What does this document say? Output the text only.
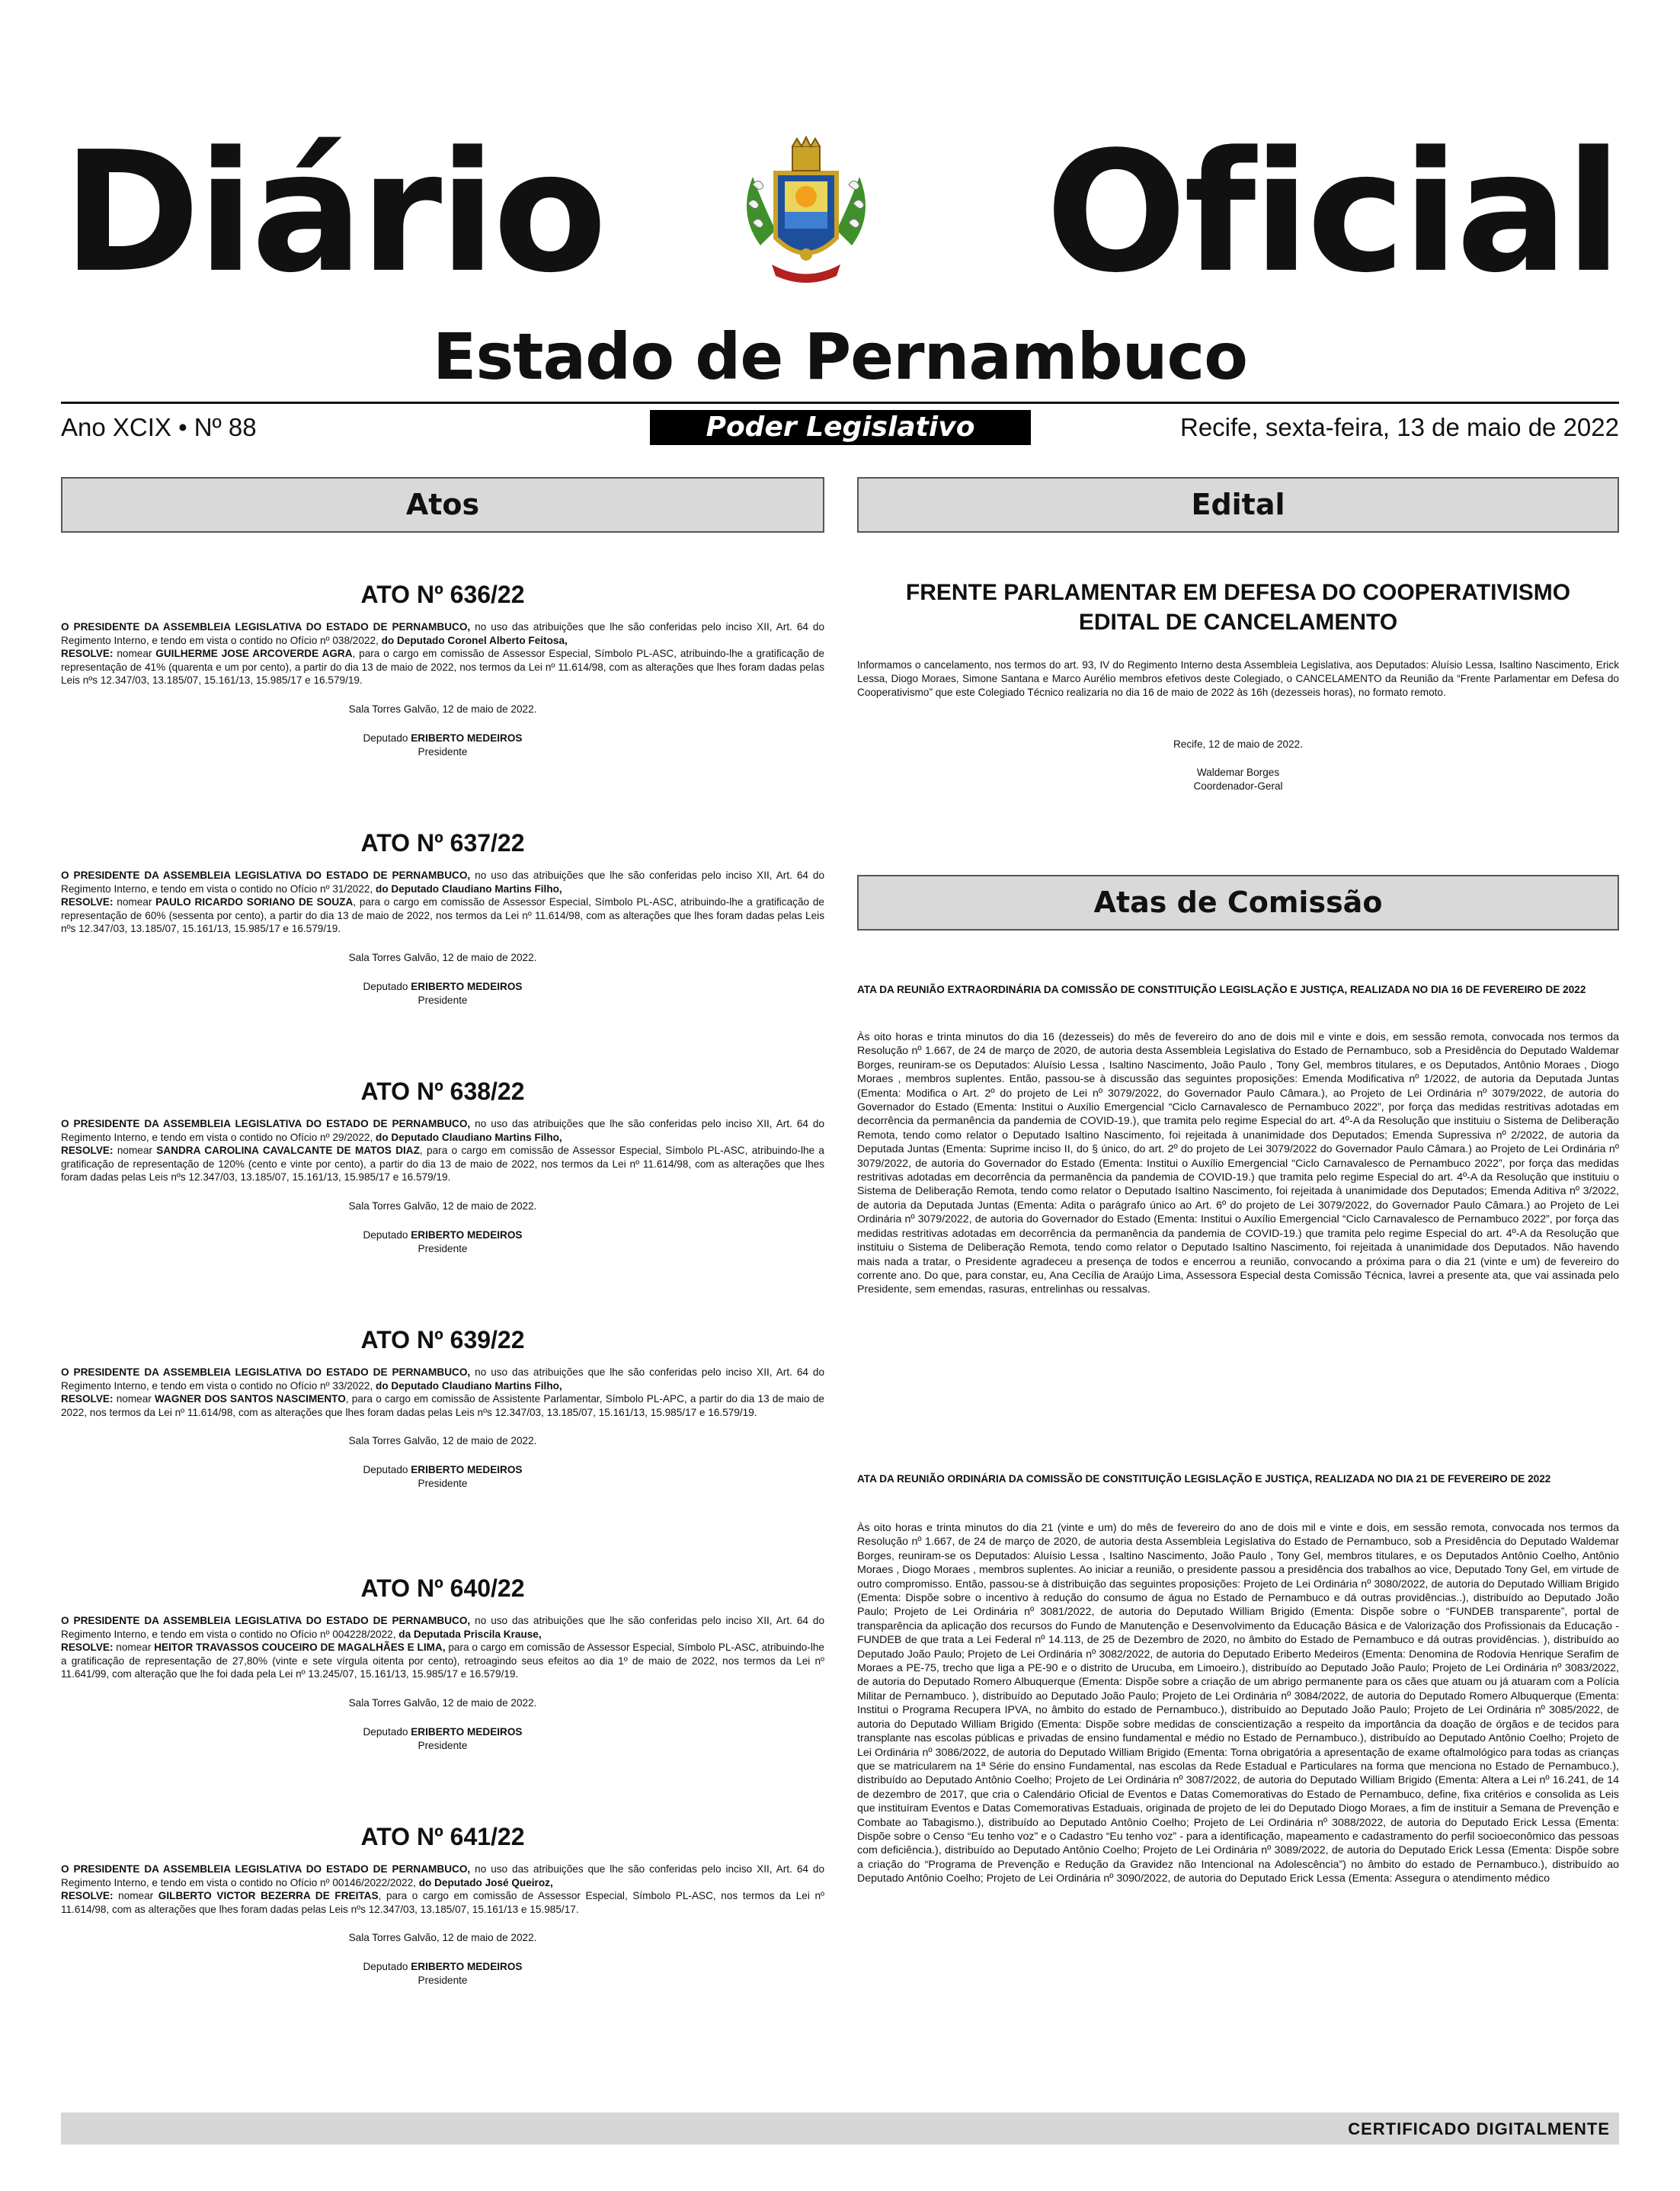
Diário	Oficial
Estado de Pernambuco
Ano XCIX • Nº 88	Poder Legislativo	Recife, sexta-feira, 13 de maio de 2022
Atos	Edital
Atas de Comissão
ATO Nº 636/22

O PRESIDENTE DA ASSEMBLEIA LEGISLATIVA DO ESTADO DE PERNAMBUCO, no uso das atribuições que lhe são conferidas pelo inciso XII, Art. 64 do Regimento Interno, e tendo em vista o contido no Ofício nº 038/2022, do Deputado Coronel Alberto Feitosa,
RESOLVE: nomear GUILHERME JOSE ARCOVERDE AGRA, para o cargo em comissão de Assessor Especial, Símbolo PL-ASC, atribuindo-lhe a gratificação de representação de 41% (quarenta e um por cento), a partir do dia 13 de maio de 2022, nos termos da Lei nº 11.614/98, com as alterações que lhes foram dadas pelas Leis nºs 12.347/03, 13.185/07, 15.161/13, 15.985/17 e 16.579/19.

Sala Torres Galvão, 12 de maio de 2022.

Deputado ERIBERTO MEDEIROS
Presidente

ATO Nº 637/22

O PRESIDENTE DA ASSEMBLEIA LEGISLATIVA DO ESTADO DE PERNAMBUCO, no uso das atribuições que lhe são conferidas pelo inciso XII, Art. 64 do Regimento Interno, e tendo em vista o contido no Ofício nº 31/2022, do Deputado Claudiano Martins Filho,
RESOLVE: nomear PAULO RICARDO SORIANO DE SOUZA, para o cargo em comissão de Assessor Especial, Símbolo PL-ASC, atribuindo-lhe a gratificação de representação de 60% (sessenta por cento), a partir do dia 13 de maio de 2022, nos termos da Lei nº 11.614/98, com as alterações que lhes foram dadas pelas Leis nºs 12.347/03, 13.185/07, 15.161/13, 15.985/17 e 16.579/19.

Sala Torres Galvão, 12 de maio de 2022.

Deputado ERIBERTO MEDEIROS
Presidente

ATO Nº 638/22

O PRESIDENTE DA ASSEMBLEIA LEGISLATIVA DO ESTADO DE PERNAMBUCO, no uso das atribuições que lhe são conferidas pelo inciso XII, Art. 64 do Regimento Interno, e tendo em vista o contido no Ofício nº 29/2022, do Deputado Claudiano Martins Filho,
RESOLVE: nomear SANDRA CAROLINA CAVALCANTE DE MATOS DIAZ, para o cargo em comissão de Assessor Especial, Símbolo PL-ASC, atribuindo-lhe a gratificação de representação de 120% (cento e vinte por cento), a partir do dia 13 de maio de 2022, nos termos da Lei nº 11.614/98, com as alterações que lhes foram dadas pelas Leis nºs 12.347/03, 13.185/07, 15.161/13, 15.985/17 e 16.579/19.

Sala Torres Galvão, 12 de maio de 2022.

Deputado ERIBERTO MEDEIROS
Presidente

ATO Nº 639/22

O PRESIDENTE DA ASSEMBLEIA LEGISLATIVA DO ESTADO DE PERNAMBUCO, no uso das atribuições que lhe são conferidas pelo inciso XII, Art. 64 do Regimento Interno, e tendo em vista o contido no Ofício nº 33/2022, do Deputado Claudiano Martins Filho,
RESOLVE: nomear WAGNER DOS SANTOS NASCIMENTO, para o cargo em comissão de Assistente Parlamentar, Símbolo PL-APC, a partir do dia 13 de maio de 2022, nos termos da Lei nº 11.614/98, com as alterações que lhes foram dadas pelas Leis nºs 12.347/03, 13.185/07, 15.161/13, 15.985/17 e 16.579/19.

Sala Torres Galvão, 12 de maio de 2022.

Deputado ERIBERTO MEDEIROS
Presidente

ATO Nº 640/22

O PRESIDENTE DA ASSEMBLEIA LEGISLATIVA DO ESTADO DE PERNAMBUCO, no uso das atribuições que lhe são conferidas pelo inciso XII, Art. 64 do Regimento Interno, e tendo em vista o contido no Ofício nº 004228/2022, da Deputada Priscila Krause,
RESOLVE: nomear HEITOR TRAVASSOS COUCEIRO DE MAGALHÃES E LIMA, para o cargo em comissão de Assessor Especial, Símbolo PL-ASC, atribuindo-lhe a gratificação de representação de 27,80% (vinte e sete vírgula oitenta por cento), retroagindo seus efeitos ao dia 1º de maio de 2022, nos termos da Lei nº 11.641/99, com alteração que lhe foi dada pela Lei nº 13.245/07, 15.161/13, 15.985/17 e 16.579/19.

Sala Torres Galvão, 12 de maio de 2022.

Deputado ERIBERTO MEDEIROS
Presidente

ATO Nº 641/22

O PRESIDENTE DA ASSEMBLEIA LEGISLATIVA DO ESTADO DE PERNAMBUCO, no uso das atribuições que lhe são conferidas pelo inciso XII, Art. 64 do Regimento Interno, e tendo em vista o contido no Ofício nº 00146/2022/2022, do Deputado José Queiroz,
RESOLVE: nomear GILBERTO VICTOR BEZERRA DE FREITAS, para o cargo em comissão de Assessor Especial, Símbolo PL-ASC, nos termos da Lei nº 11.614/98, com as alterações que lhes foram dadas pelas Leis nºs 12.347/03, 13.185/07, 15.161/13 e 15.985/17.

Sala Torres Galvão, 12 de maio de 2022.

Deputado ERIBERTO MEDEIROS
Presidente

FRENTE PARLAMENTAR EM DEFESA DO COOPERATIVISMO
EDITAL DE CANCELAMENTO

Informamos o cancelamento, nos termos do art. 93, IV do Regimento Interno desta Assembleia Legislativa, aos Deputados: Aluísio Lessa, Isaltino Nascimento, Erick Lessa, Diogo Moraes, Simone Santana e Marco Aurélio membros efetivos deste Colegiado, o CANCELAMENTO da Reunião da “Frente Parlamentar em Defesa do Cooperativismo” que este Colegiado Técnico realizaria no dia 16 de maio de 2022 às 16h (dezesseis horas), no formato remoto.

Recife, 12 de maio de 2022.
Waldemar Borges
Coordenador-Geral

ATA DA REUNIÃO EXTRAORDINÁRIA DA COMISSÃO DE CONSTITUIÇÃO LEGISLAÇÃO E JUSTIÇA, REALIZADA NO DIA 16 DE FEVEREIRO DE 2022

Às oito horas e trinta minutos do dia 16 (dezesseis) do mês de fevereiro do ano de dois mil e vinte e dois, em sessão remota, convocada nos termos da Resolução nº 1.667, de 24 de março de 2020, de autoria desta Assembleia Legislativa do Estado de Pernambuco, sob a Presidência do Deputado Waldemar Borges, reuniram-se os Deputados: Aluísio Lessa , Isaltino Nascimento, João Paulo , Tony Gel, membros titulares, e os Deputados, Antônio Moraes , Diogo Moraes , membros suplentes. Então, passou-se à discussão das seguintes proposições: Emenda Modificativa nº 1/2022, de autoria da Deputada Juntas (Ementa: Modifica o Art. 2º do projeto de Lei nº 3079/2022, do Governador Paulo Câmara.), ao Projeto de Lei Ordinária nº 3079/2022, de autoria do Governador do Estado (Ementa: Institui o Auxílio Emergencial “Ciclo Carnavalesco de Pernambuco 2022”, por força das medidas restritivas adotadas em decorrência da permanência da pandemia de COVID-19.), que tramita pelo regime Especial do art. 4º-A da Resolução que instituiu o Sistema de Deliberação Remota, tendo como relator o Deputado Isaltino Nascimento, foi rejeitada à unanimidade dos Deputados; Emenda Supressiva nº 2/2022, de autoria da Deputada Juntas (Ementa: Suprime inciso II, do § único, do art. 2º do projeto de Lei 3079/2022 do Governador Paulo Câmara.) ao Projeto de Lei Ordinária nº 3079/2022, de autoria do Governador do Estado (Ementa: Institui o Auxílio Emergencial “Ciclo Carnavalesco de Pernambuco 2022”, por força das medidas restritivas adotadas em decorrência da permanência da pandemia de COVID-19.) que tramita pelo regime Especial do art. 4º-A da Resolução que instituiu o Sistema de Deliberação Remota, tendo como relator o Deputado Isaltino Nascimento, foi rejeitada à unanimidade dos Deputados; Emenda Aditiva nº 3/2022, de autoria da Deputada Juntas (Ementa: Adita o parágrafo único ao Art. 6º do projeto de Lei 3079/2022, do Governador Paulo Câmara.) ao Projeto de Lei Ordinária nº 3079/2022, de autoria do Governador do Estado (Ementa: Institui o Auxílio Emergencial “Ciclo Carnavalesco de Pernambuco 2022”, por força das medidas restritivas adotadas em decorrência da permanência da pandemia de COVID-19.) que tramita pelo regime Especial do art. 4º-A da Resolução que instituiu o Sistema de Deliberação Remota, tendo como relator o Deputado Isaltino Nascimento, foi rejeitada à unanimidade dos Deputados. Não havendo mais nada a tratar, o Presidente agradeceu a presença de todos e encerrou a reunião, convocando a próxima para o dia 21 (vinte e um) de fevereiro do corrente ano. Do que, para constar, eu, Ana Cecília de Araújo Lima, Assessora Especial desta Comissão Técnica, lavrei a presente ata, que vai assinada pelo Presidente, sem emendas, rasuras, entrelinhas ou ressalvas.

ATA DA REUNIÃO ORDINÁRIA DA COMISSÃO DE CONSTITUIÇÃO LEGISLAÇÃO E JUSTIÇA, REALIZADA NO DIA 21 DE FEVEREIRO DE 2022

Às oito horas e trinta minutos do dia 21 (vinte e um) do mês de fevereiro do ano de dois mil e vinte e dois, em sessão remota, convocada nos termos da Resolução nº 1.667, de 24 de março de 2020, de autoria desta Assembleia Legislativa do Estado de Pernambuco, sob a Presidência do Deputado Waldemar Borges, reuniram-se os Deputados: Aluísio Lessa , Isaltino Nascimento, João Paulo , Tony Gel, membros titulares, e os Deputados Antônio Coelho, Antônio Moraes , Diogo Moraes , membros suplentes. Ao iniciar a reunião, o presidente passou a presidência dos trabalhos ao vice, Deputado Tony Gel, em virtude de outro compromisso. Então, passou-se à distribuição das seguintes proposições: Projeto de Lei Ordinária nº 3080/2022, de autoria do Deputado William Brigido (Ementa: Dispõe sobre o incentivo à redução do consumo de água no Estado de Pernambuco e dá outras providências..), distribuído ao Deputado João Paulo; Projeto de Lei Ordinária nº 3081/2022, de autoria do Deputado William Brigido (Ementa: Dispõe sobre o “FUNDEB transparente”, portal de transparência da aplicação dos recursos do Fundo de Manutenção e Desenvolvimento da Educação Básica e de Valorização dos Profissionais da Educação - FUNDEB de que trata a Lei Federal nº 14.113, de 25 de Dezembro de 2020, no âmbito do Estado de Pernambuco e dá outras providências. ), distribuído ao Deputado João Paulo; Projeto de Lei Ordinária nº 3082/2022, de autoria do Deputado Eriberto Medeiros (Ementa: Denomina de Rodovia Henrique Serafim de Moraes a PE-75, trecho que liga a PE-90 e o distrito de Urucuba, em Limoeiro.), distribuído ao Deputado João Paulo; Projeto de Lei Ordinária nº 3083/2022, de autoria do Deputado Romero Albuquerque (Ementa: Dispõe sobre a criação de um abrigo permanente para os cães que atuam ou já atuaram com a Polícia Militar de Pernambuco. ), distribuído ao Deputado João Paulo; Projeto de Lei Ordinária nº 3084/2022, de autoria do Deputado Romero Albuquerque (Ementa: Institui o Programa Recupera IPVA, no âmbito do estado de Pernambuco.), distribuído ao Deputado João Paulo; Projeto de Lei Ordinária nº 3085/2022, de autoria do Deputado William Brigido (Ementa: Dispõe sobre medidas de conscientização a respeito da importância da doação de órgãos e de tecidos para transplante nas escolas públicas e privadas de ensino fundamental e médio no Estado de Pernambuco.), distribuído ao Deputado Antônio Coelho; Projeto de Lei Ordinária nº 3086/2022, de autoria do Deputado William Brigido (Ementa: Torna obrigatória a apresentação de exame oftalmológico para todas as crianças que se matricularem na 1ª Série do ensino Fundamental, nas escolas da Rede Estadual e Particulares na forma que menciona no Estado de Pernambuco.), distribuído ao Deputado Antônio Coelho; Projeto de Lei Ordinária nº 3087/2022, de autoria do Deputado William Brigido (Ementa: Altera a Lei nº 16.241, de 14 de dezembro de 2017, que cria o Calendário Oficial de Eventos e Datas Comemorativas do Estado de Pernambuco, define, fixa critérios e consolida as Leis que instituíram Eventos e Datas Comemorativas Estaduais, originada de projeto de lei do Deputado Diogo Moraes, a fim de instituir a Semana de Prevenção e Combate ao Tabagismo.), distribuído ao Deputado Antônio Coelho; Projeto de Lei Ordinária nº 3088/2022, de autoria do Deputado Erick Lessa (Ementa: Dispõe sobre o Censo “Eu tenho voz” e o Cadastro “Eu tenho voz” - para a identificação, mapeamento e cadastramento do perfil socioeconômico das pessoas com deficiência.), distribuído ao Deputado Antônio Coelho; Projeto de Lei Ordinária nº 3089/2022, de autoria do Deputado Erick Lessa (Ementa: Dispõe sobre a criação do “Programa de Prevenção e Redução da Gravidez não Intencional na Adolescência”) no âmbito do estado de Pernambuco.), distribuído ao Deputado Antônio Coelho; Projeto de Lei Ordinária nº 3090/2022, de autoria do Deputado Erick Lessa (Ementa: Assegura o atendimento médico

CERTIFICADO DIGITALMENTE
